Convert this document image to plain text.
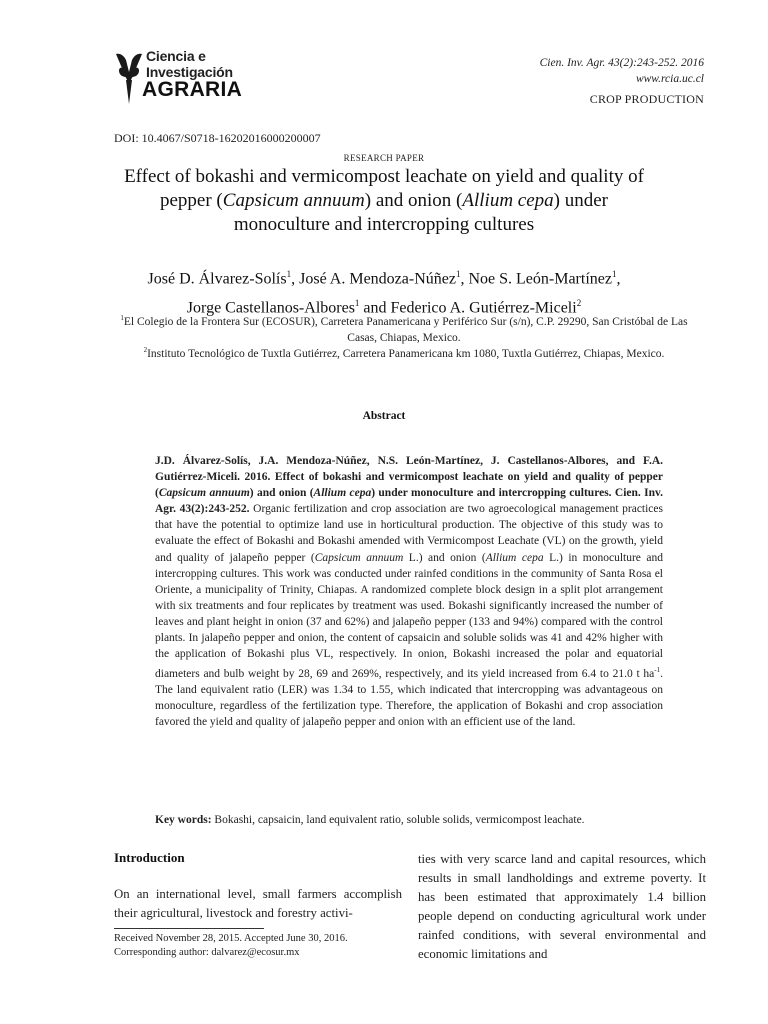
Ciencia e
Investigación
AGRARIA
Cien. Inv. Agr. 43(2):243-252. 2016
www.rcia.uc.cl
CROP PRODUCTION
DOI: 10.4067/S0718-16202016000200007
RESEARCH PAPER
Effect of bokashi and vermicompost leachate on yield and quality of pepper (Capsicum annuum) and onion (Allium cepa) under monoculture and intercropping cultures
José D. Álvarez-Solís$^1$, José A. Mendoza-Núñez$^1$, Noe S. León-Martínez$^1$,
Jorge Castellanos-Albores$^1$ and Federico A. Gutiérrez-Miceli$^2$
$^1$El Colegio de la Frontera Sur (ECOSUR), Carretera Panamericana y Periférico Sur (s/n), C.P. 29290, San Cristóbal de Las Casas, Chiapas, Mexico.
$^2$Instituto Tecnológico de Tuxtla Gutiérrez, Carretera Panamericana km 1080, Tuxtla Gutiérrez, Chiapas, Mexico.
Abstract
J.D. Álvarez-Solís, J.A. Mendoza-Núñez, N.S. León-Martínez, J. Castellanos-Albores, and F.A. Gutiérrez-Miceli. 2016. Effect of bokashi and vermicompost leachate on yield and quality of pepper (Capsicum annuum) and onion (Allium cepa) under monoculture and intercropping cultures. Cien. Inv. Agr. 43(2):243-252. Organic fertilization and crop association are two agroecological management practices that have the potential to optimize land use in horticultural production. The objective of this study was to evaluate the effect of Bokashi and Bokashi amended with Vermicompost Leachate (VL) on the growth, yield and quality of jalapeño pepper (Capsicum annuum L.) and onion (Allium cepa L.) in monoculture and intercropping cultures. This work was conducted under rainfed conditions in the community of Santa Rosa el Oriente, a municipality of Trinity, Chiapas. A randomized complete block design in a split plot arrangement with six treatments and four replicates by treatment was used. Bokashi significantly increased the number of leaves and plant height in onion (37 and 62%) and jalapeño pepper (133 and 94%) compared with the control plants. In jalapeño pepper and onion, the content of capsaicin and soluble solids was 41 and 42% higher with the application of Bokashi plus VL, respectively. In onion, Bokashi increased the polar and equatorial diameters and bulb weight by 28, 69 and 269%, respectively, and its yield increased from 6.4 to 21.0 t $ha^{-1}$. The land equivalent ratio (LER) was 1.34 to 1.55, which indicated that intercropping was advantageous on monoculture, regardless of the fertilization type. Therefore, the application of Bokashi and crop association favored the yield and quality of jalapeño pepper and onion with an efficient use of the land.
Key words: Bokashi, capsaicin, land equivalent ratio, soluble solids, vermicompost leachate.
Introduction
On an international level, small farmers accomplish their agricultural, livestock and forestry activi-
ties with very scarce land and capital resources, which results in small landholdings and extreme poverty. It has been estimated that approximately 1.4 billion people depend on conducting agricultural work under rainfed conditions, with several environmental and economic limitations and
Received November 28, 2015. Accepted June 30, 2016.
Corresponding author: dalvarez@ecosur.mx
